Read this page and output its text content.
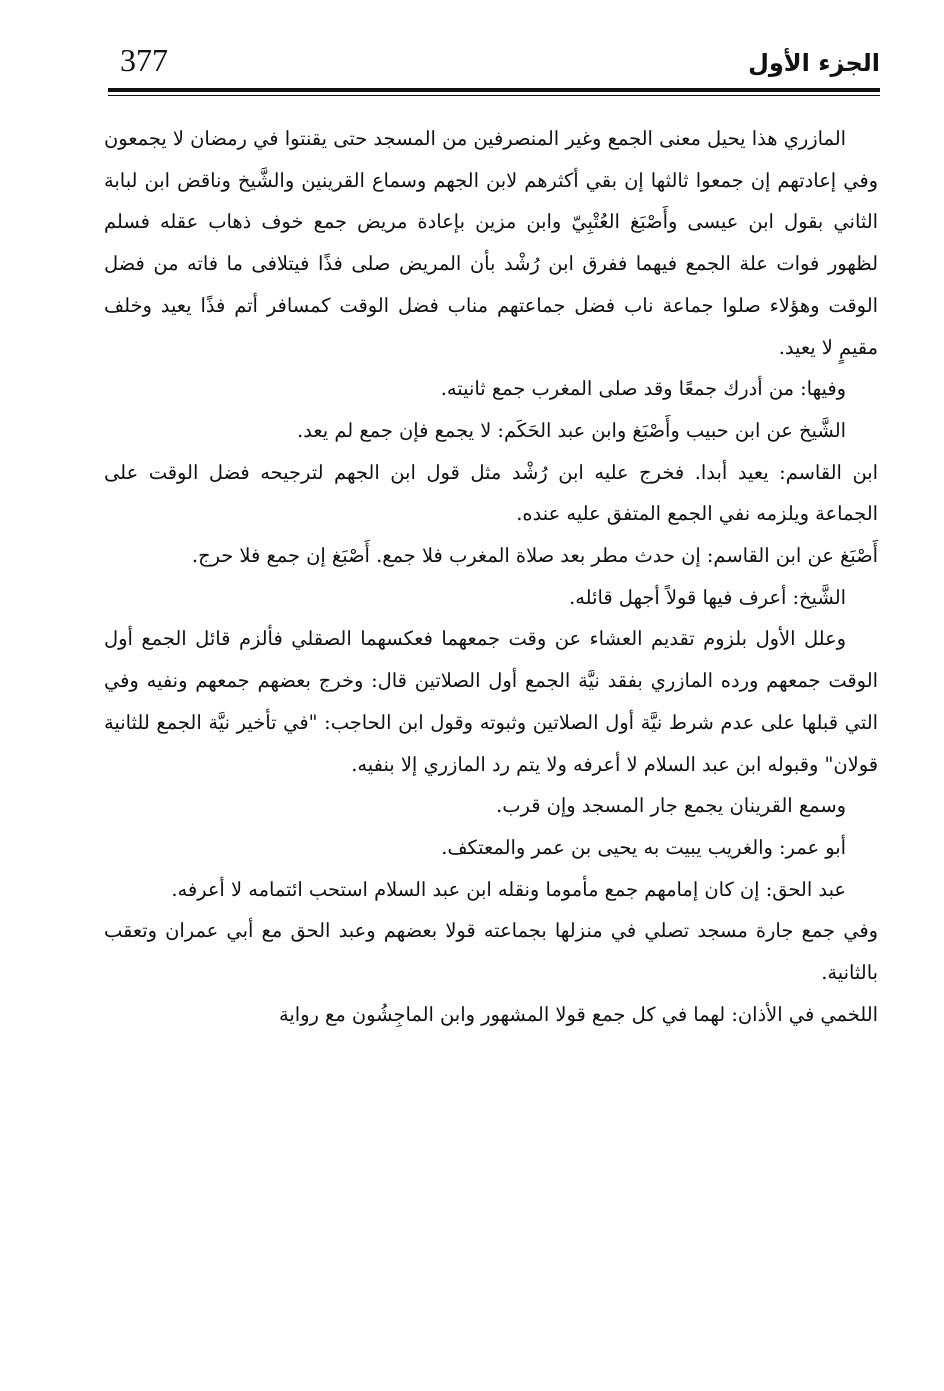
377	الجزء الأول

المازري هذا يحيل معنى الجمع وغير المنصرفين من المسجد حتى يقنتوا في رمضان لا يجمعون وفي إعادتهم إن جمعوا ثالثها إن بقي أكثرهم لابن الجهم وسماع القرينين والشَّيخ وناقض ابن لبابة الثاني بقول ابن عيسى وأَصْبَغ العُتْبِيّ وابن مزين بإعادة مريض جمع خوف ذهاب عقله فسلم لظهور فوات علة الجمع فيهما ففرق ابن رُشْد بأن المريض صلى فذًا فيتلافى ما فاته من فضل الوقت وهؤلاء صلوا جماعة ناب فضل جماعتهم مناب فضل الوقت كمسافر أتم فذًا يعيد وخلف مقيمٍ لا يعيد.

وفيها: من أدرك جمعًا وقد صلى المغرب جمع ثانيته.

الشَّيخ عن ابن حبيب وأَصْبَغ وابن عبد الحَكَم: لا يجمع فإن جمع لم يعد.

ابن القاسم: يعيد أبدا. فخرج عليه ابن رُشْد مثل قول ابن الجهم لترجيحه فضل الوقت على الجماعة ويلزمه نفي الجمع المتفق عليه عنده.

أَصْبَغ عن ابن القاسم: إن حدث مطر بعد صلاة المغرب فلا جمع. أَصْبَغ إن جمع فلا حرج.

الشَّيخ: أعرف فيها قولاً أجهل قائله.

وعلل الأول بلزوم تقديم العشاء عن وقت جمعهما فعكسهما الصقلي فألزم قائل الجمع أول الوقت جمعهم ورده المازري بفقد نيَّة الجمع أول الصلاتين قال: وخرج بعضهم جمعهم ونفيه وفي التي قبلها على عدم شرط نيَّة أول الصلاتين وثبوته وقول ابن الحاجب: "في تأخير نيَّة الجمع للثانية قولان" وقبوله ابن عبد السلام لا أعرفه ولا يتم رد المازري إلا بنفيه.

وسمع القرينان يجمع جار المسجد وإن قرب.

أبو عمر: والغريب يبيت به يحيى بن عمر والمعتكف.

عبد الحق: إن كان إمامهم جمع مأموما ونقله ابن عبد السلام استحب ائتمامه لا أعرفه.

وفي جمع جارة مسجد تصلي في منزلها بجماعته قولا بعضهم وعبد الحق مع أبي عمران وتعقب بالثانية.

اللخمي في الأذان: لهما في كل جمع قولا المشهور وابن الماجِشُون مع رواية
